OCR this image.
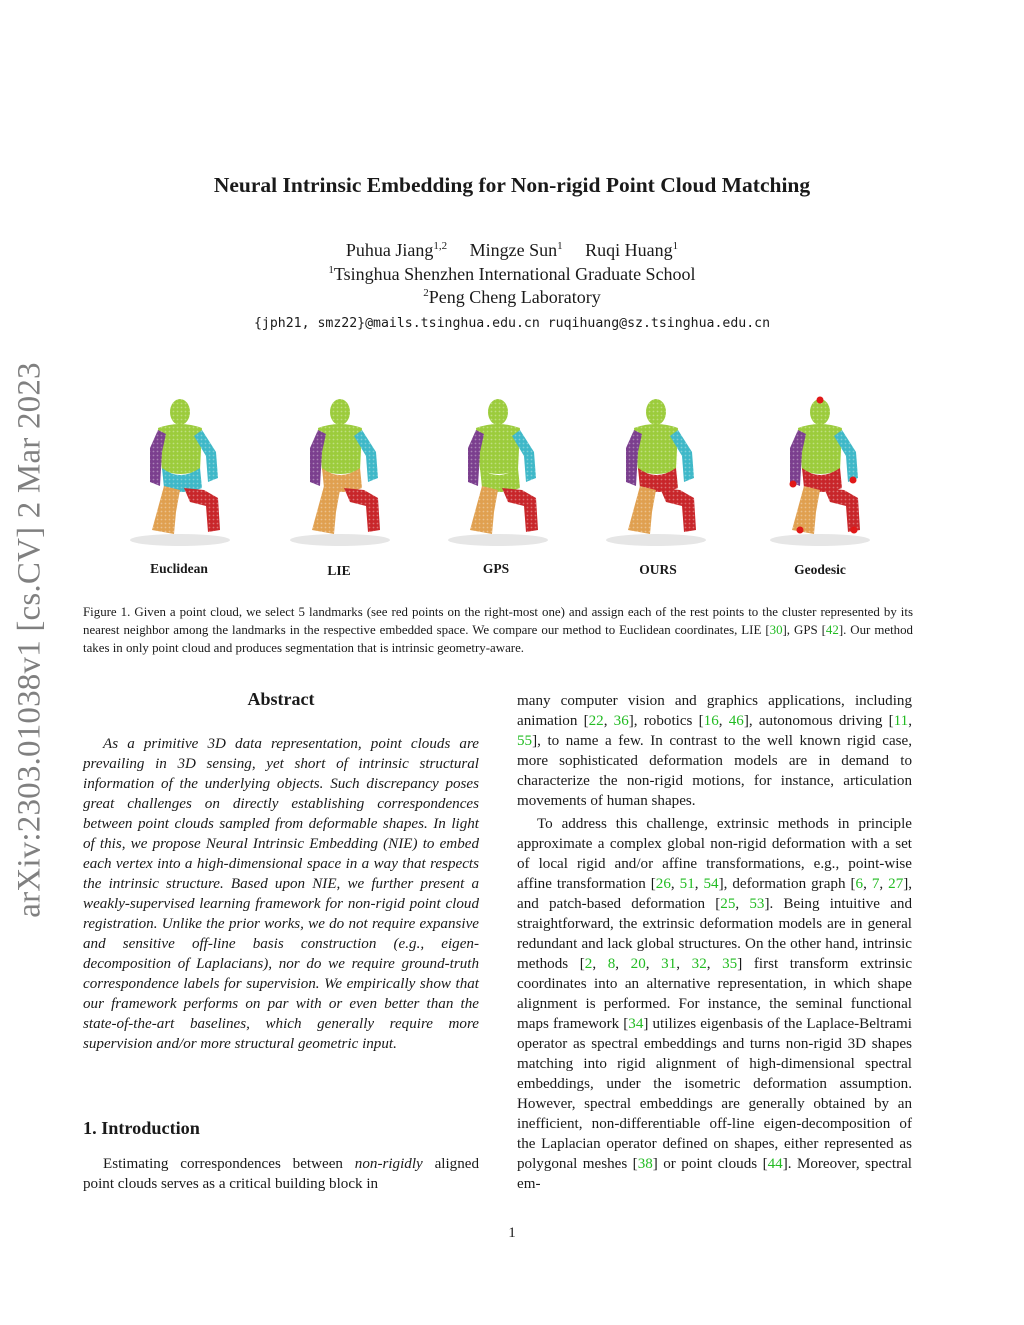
arXiv:2303.01038v1 [cs.CV] 2 Mar 2023
Neural Intrinsic Embedding for Non-rigid Point Cloud Matching
Puhua Jiang$^{1,2}$ Mingze Sun$^1$ Ruqi Huang$^1$
$^1$Tsinghua Shenzhen International Graduate School
$^2$Peng Cheng Laboratory
{jph21, smz22}@mails.tsinghua.edu.cn ruqihuang@sz.tsinghua.edu.cn
Euclidean	LIE	GPS	OURS	Geodesic
Figure 1. Given a point cloud, we select 5 landmarks (see red points on the right-most one) and assign each of the rest points to the cluster represented by its nearest neighbor among the landmarks in the respective embedded space. We compare our method to Euclidean coordinates, LIE [30], GPS [42]. Our method takes in only point cloud and produces segmentation that is intrinsic geometry-aware.
Abstract

As a primitive 3D data representation, point clouds are prevailing in 3D sensing, yet short of intrinsic structural information of the underlying objects. Such discrepancy poses great challenges on directly establishing correspondences between point clouds sampled from deformable shapes. In light of this, we propose Neural Intrinsic Embedding (NIE) to embed each vertex into a high-dimensional space in a way that respects the intrinsic structure. Based upon NIE, we further present a weakly-supervised learning framework for non-rigid point cloud registration. Unlike the prior works, we do not require expansive and sensitive off-line basis construction (e.g., eigen-decomposition of Laplacians), nor do we require ground-truth correspondence labels for supervision. We empirically show that our framework performs on par with or even better than the state-of-the-art baselines, which generally require more supervision and/or more structural geometric input.

1. Introduction

Estimating correspondences between non-rigidly aligned point clouds serves as a critical building block in

many computer vision and graphics applications, including animation [22, 36], robotics [16, 46], autonomous driving [11, 55], to name a few. In contrast to the well known rigid case, more sophisticated deformation models are in demand to characterize the non-rigid motions, for instance, articulation movements of human shapes.

To address this challenge, extrinsic methods in principle approximate a complex global non-rigid deformation with a set of local rigid and/or affine transformations, e.g., point-wise affine transformation [26, 51, 54], deformation graph [6, 7, 27], and patch-based deformation [25, 53]. Being intuitive and straightforward, the extrinsic deformation models are in general redundant and lack global structures. On the other hand, intrinsic methods [2, 8, 20, 31, 32, 35] first transform extrinsic coordinates into an alternative representation, in which shape alignment is performed. For instance, the seminal functional maps framework [34] utilizes eigenbasis of the Laplace-Beltrami operator as spectral embeddings and turns non-rigid 3D shapes matching into rigid alignment of high-dimensional spectral embeddings, under the isometric deformation assumption. However, spectral embeddings are generally obtained by an inefficient, non-differentiable off-line eigen-decomposition of the Laplacian operator defined on shapes, either represented as polygonal meshes [38] or point clouds [44]. Moreover, spectral em-

1
